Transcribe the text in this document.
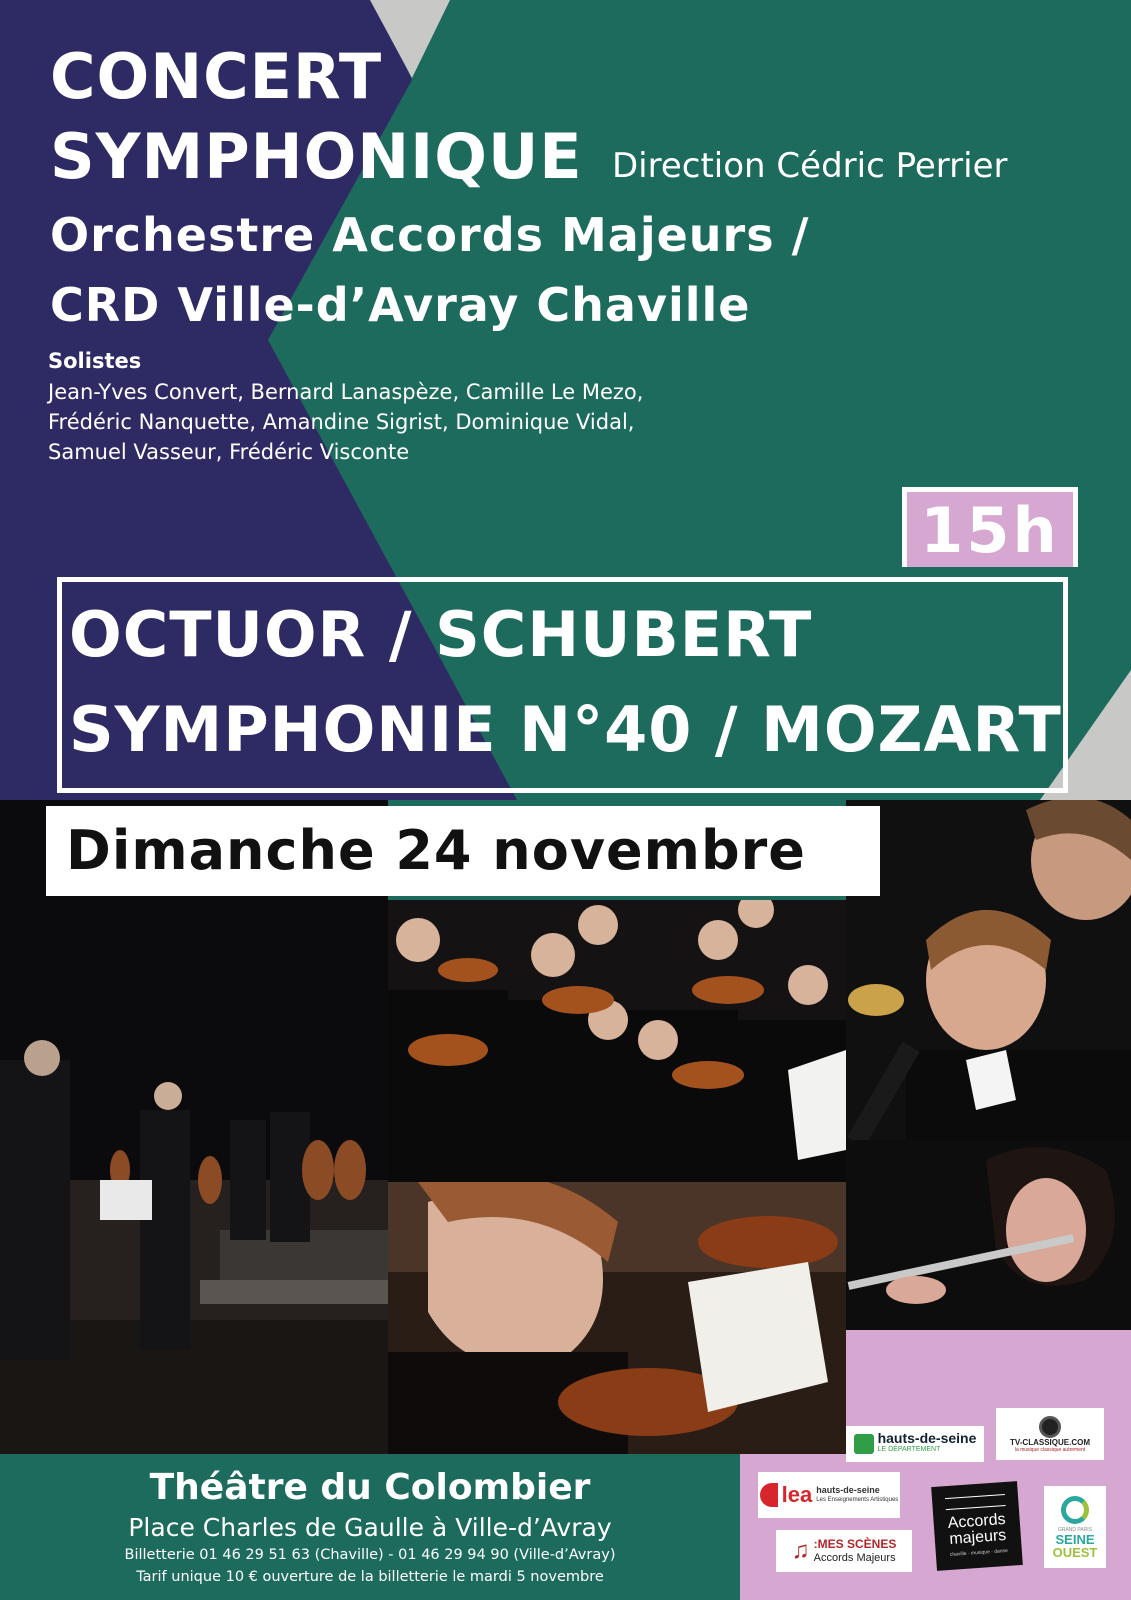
CONCERT
SYMPHONIQUE Direction Cédric Perrier
Orchestre Accords Majeurs /
CRD Ville-d’Avray Chaville
Solistes
Jean-Yves Convert, Bernard Lanaspèze, Camille Le Mezo,
Frédéric Nanquette, Amandine Sigrist, Dominique Vidal,
Samuel Vasseur, Frédéric Visconte
15h
OCTUOR / SCHUBERT
SYMPHONIE N°40 / MOZART
Dimanche 24 novembre
Théâtre du Colombier
Place Charles de Gaulle à Ville-d’Avray
Billetterie 01 46 29 51 63 (Chaville) - 01 46 29 94 90 (Ville-d’Avray)
Tarif unique 10 € ouverture de la billetterie le mardi 5 novembre
hauts-de-seine
LE DÉPARTEMENT
TV-CLASSIQUE.COM
la musique classique autrement
lea hauts-de-seine
Les Enseignements Artistiques
Accords
majeurs
chaville · musique · danse
GRAND PARIS
SEINE
OUEST
♫ :MES SCÈNES
Accords Majeurs
